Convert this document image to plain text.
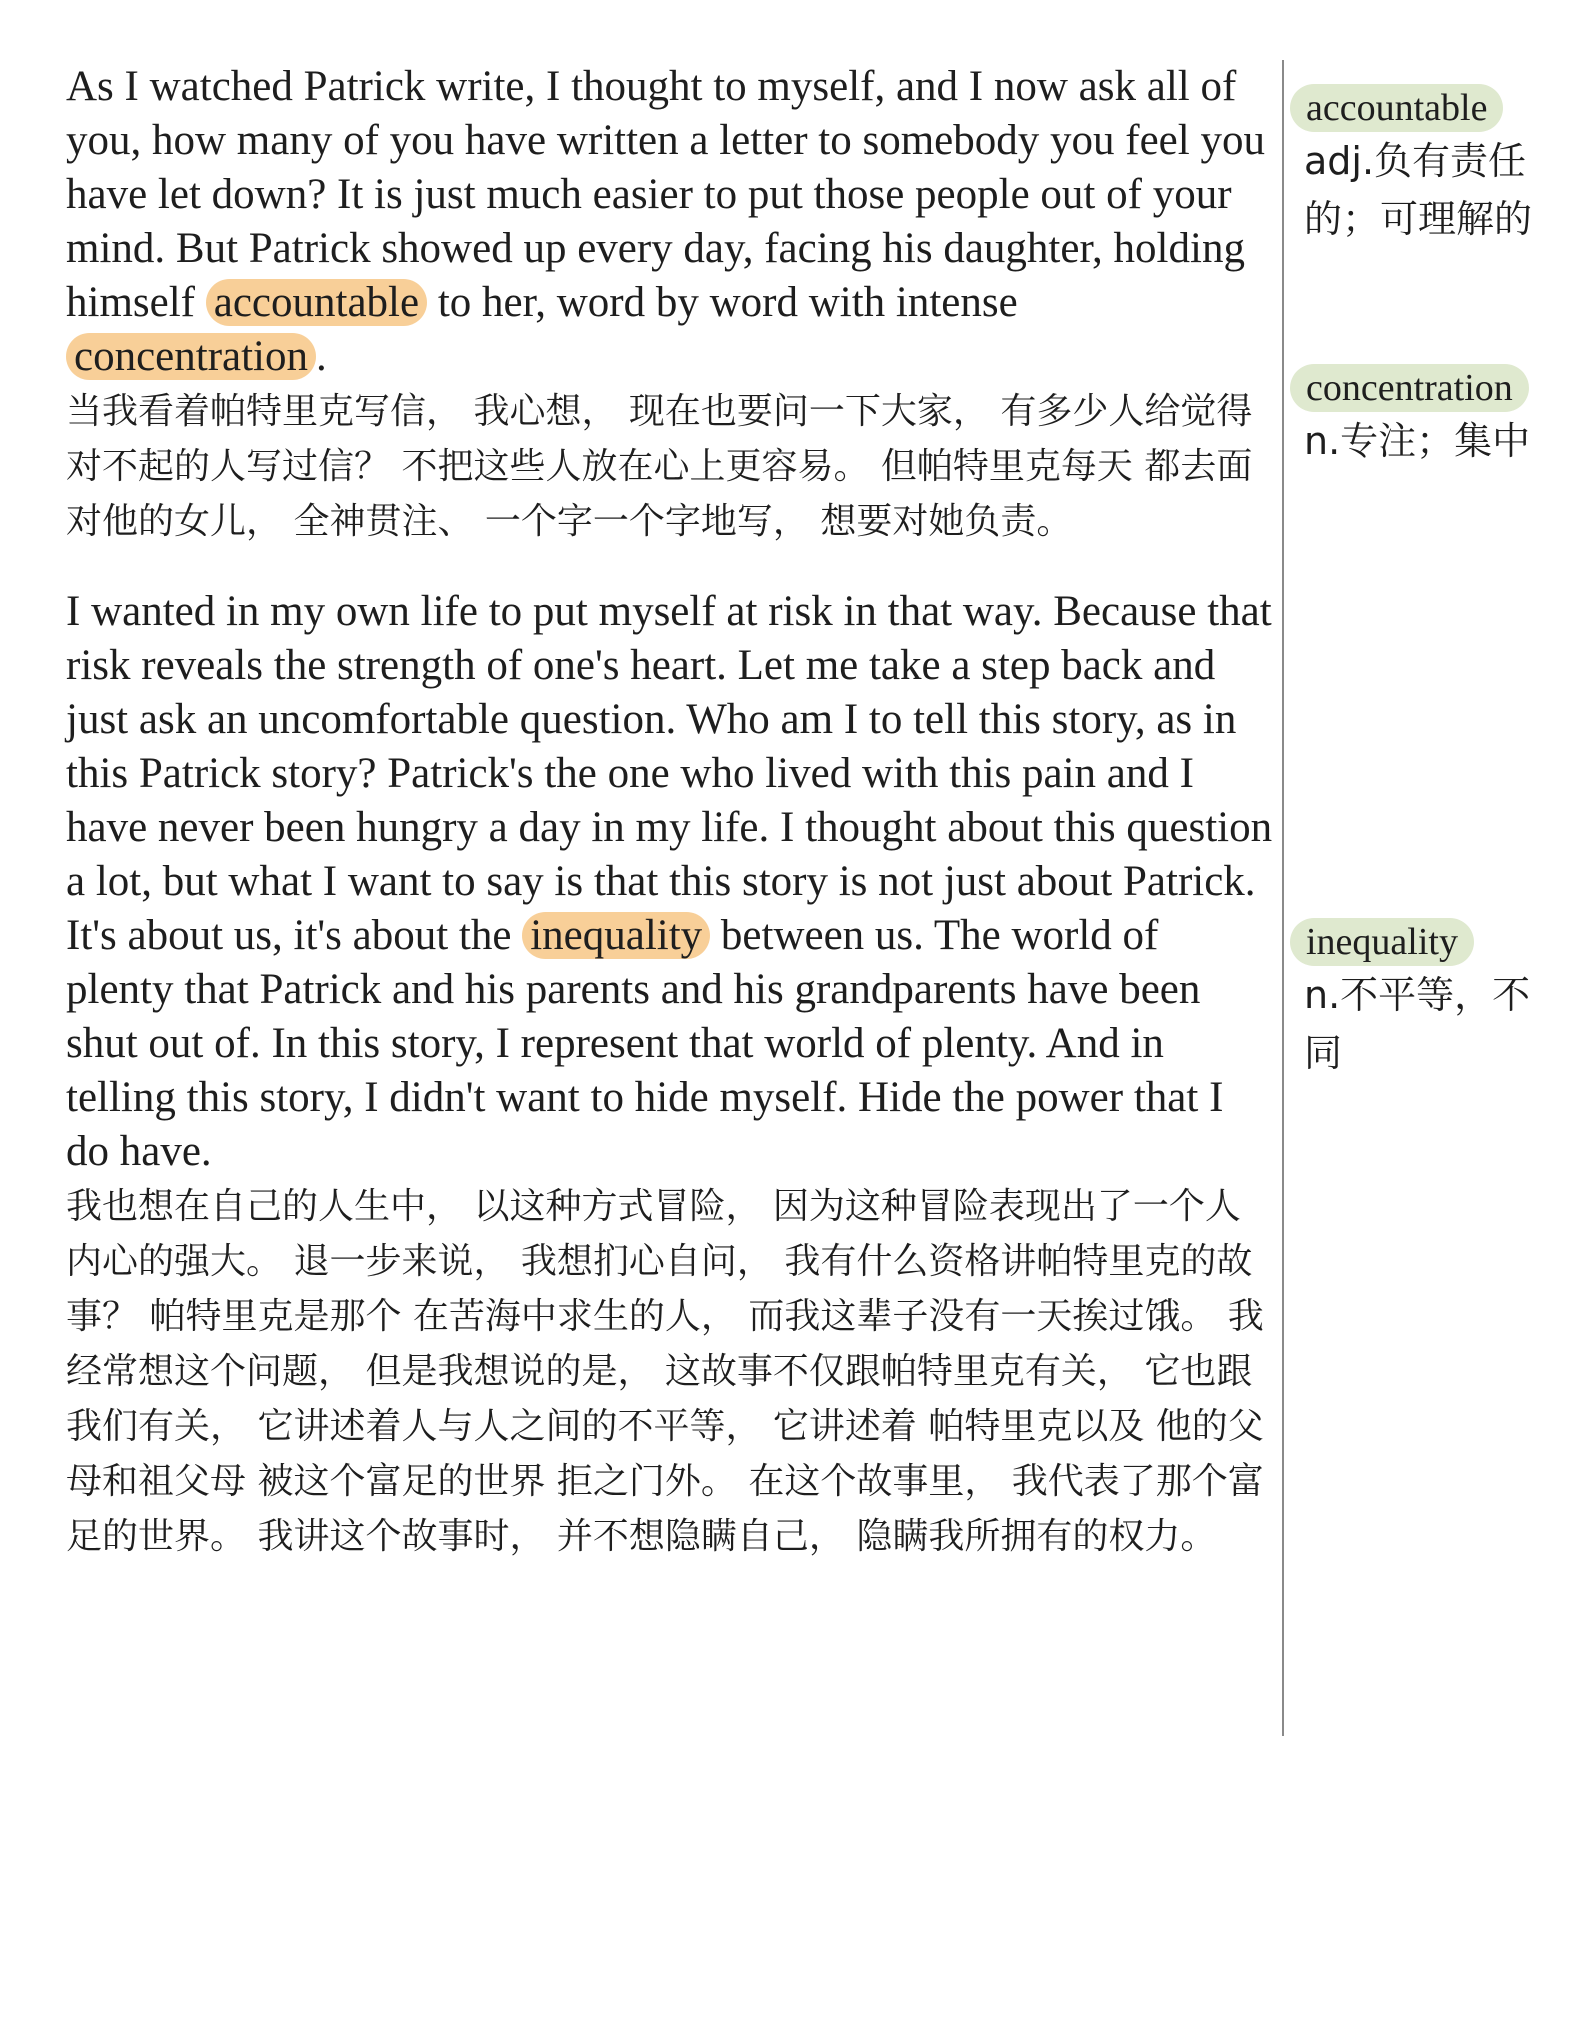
As I watched Patrick write, I thought to myself, and I now ask all of you, how many of you have written a letter to somebody you feel you have let down? It is just much easier to put those people out of your mind. But Patrick showed up every day, facing his daughter, holding himself accountable to her, word by word with intense concentration .

当我看着帕特里克写信， 我心想， 现在也要问一下大家， 有多少人给觉得 对不起的人写过信？ 不把这些人放在心上更容易。 但帕特里克每天 都去面对他的女儿， 全神贯注、 一个字一个字地写， 想要对她负责。

I wanted in my own life to put myself at risk in that way. Because that risk reveals the strength of one's heart. Let me take a step back and just ask an uncomfortable question. Who am I to tell this story, as in this Patrick story? Patrick's the one who lived with this pain and I have never been hungry a day in my life. I thought about this question a lot, but what I want to say is that this story is not just about Patrick. It's about us, it's about the inequality between us. The world of plenty that Patrick and his parents and his grandparents have been shut out of. In this story, I represent that world of plenty. And in telling this story, I didn't want to hide myself. Hide the power that I do have.

我也想在自己的人生中， 以这种方式冒险， 因为这种冒险表现出了一个人内心的强大。 退一步来说， 我想扪心自问， 我有什么资格讲帕特里克的故事？ 帕特里克是那个 在苦海中求生的人， 而我这辈子没有一天挨过饿。 我经常想这个问题， 但是我想说的是， 这故事不仅跟帕特里克有关， 它也跟我们有关， 它讲述着人与人之间的不平等， 它讲述着 帕特里克以及 他的父母和祖父母 被这个富足的世界 拒之门外。 在这个故事里， 我代表了那个富足的世界。 我讲这个故事时， 并不想隐瞒自己， 隐瞒我所拥有的权力。

accountable
adj.负有责任的；可理解的
concentration
n.专注；集中
inequality
n.不平等，不同
